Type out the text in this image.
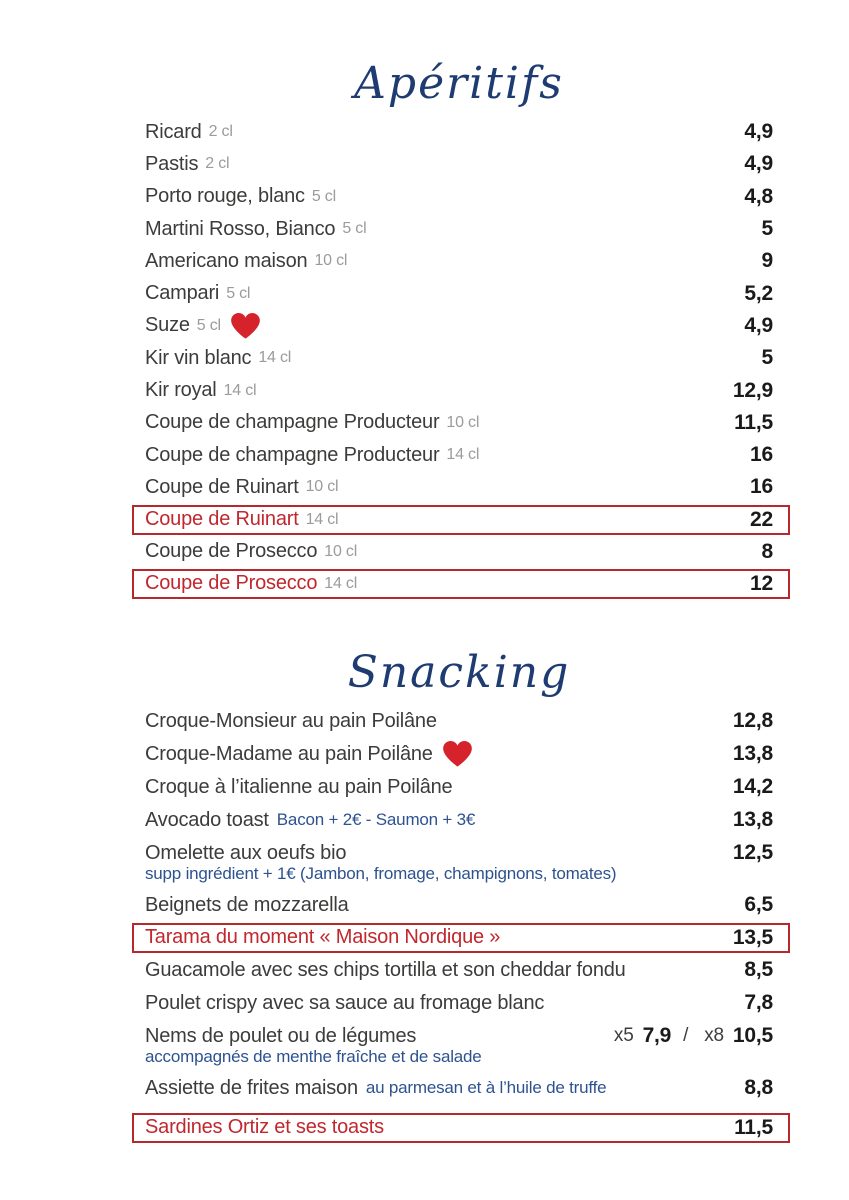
Apéritifs
Ricard 2 cl	4,9
Pastis 2 cl	4,9
Porto rouge, blanc 5 cl	4,8
Martini Rosso, Bianco 5 cl	5
Americano maison 10 cl	9
Campari 5 cl	5,2
Suze 5 cl	4,9
Kir vin blanc 14 cl	5
Kir royal 14 cl	12,9
Coupe de champagne Producteur 10 cl	11,5
Coupe de champagne Producteur 14 cl	16
Coupe de Ruinart 10 cl	16
Coupe de Ruinart 14 cl	22
Coupe de Prosecco 10 cl	8
Coupe de Prosecco 14 cl	12
Snacking
Croque-Monsieur au pain Poilâne	12,8
Croque-Madame au pain Poilâne	13,8
Croque à l’italienne au pain Poilâne	14,2
Avocado toast Bacon + 2€ - Saumon + 3€	13,8
Omelette aux oeufs bio	12,5
supp ingrédient + 1€ (Jambon, fromage, champignons, tomates)
Beignets de mozzarella	6,5
Tarama du moment « Maison Nordique »	13,5
Guacamole avec ses chips tortilla et son cheddar fondu	8,5
Poulet crispy avec sa sauce au fromage blanc	7,8
Nems de poulet ou de légumes	x5 7,9 / x8 10,5
accompagnés de menthe fraîche et de salade
Assiette de frites maison au parmesan et à l’huile de truffe	8,8
Sardines Ortiz et ses toasts	11,5
